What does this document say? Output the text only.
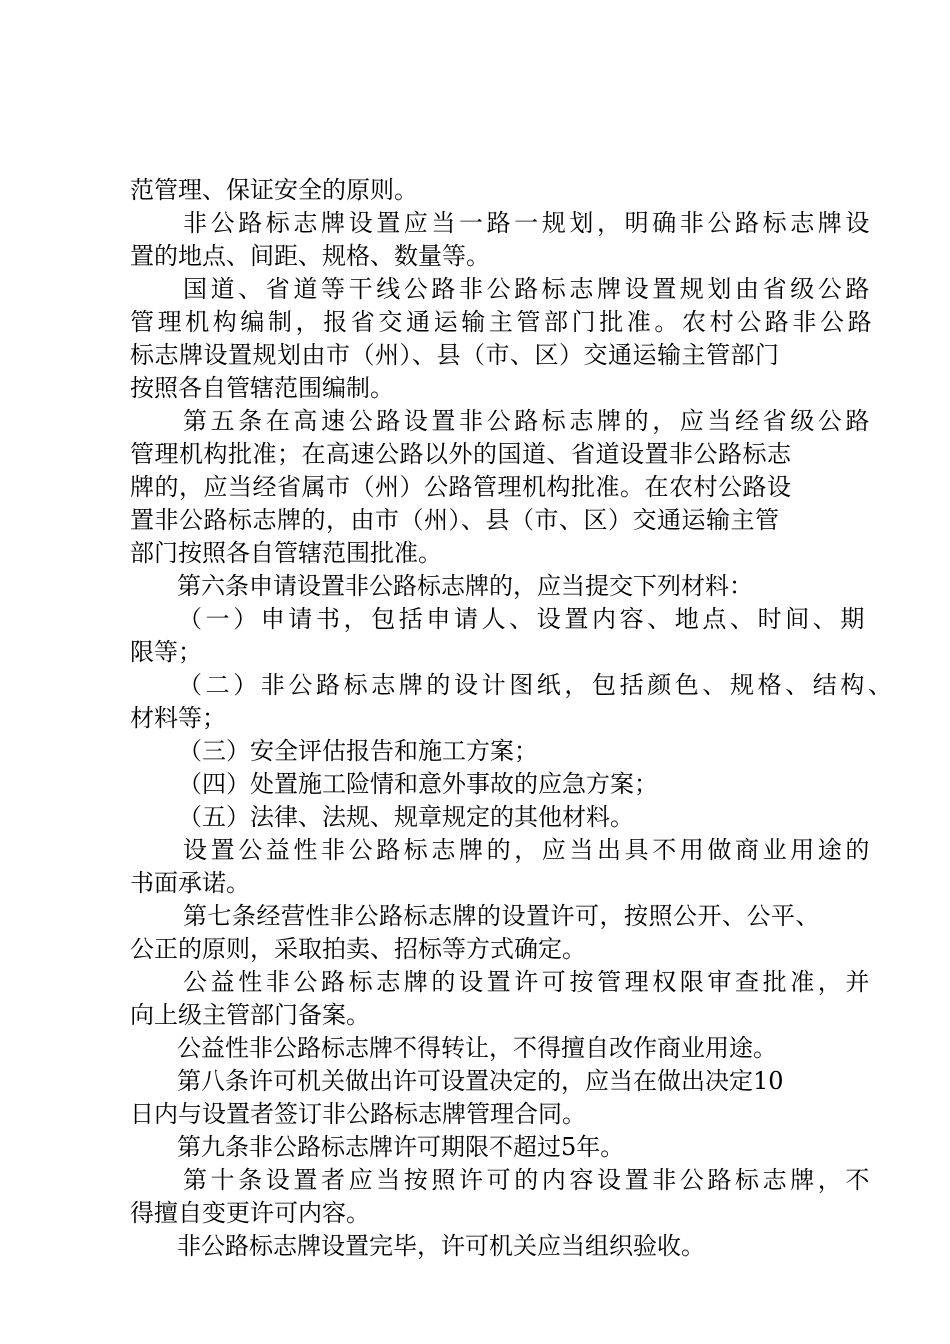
范管理、保证安全的原则。
非公路标志牌设置应当一路一规划，明确非公路标志牌设
置的地点、间距、规格、数量等。
国道、省道等干线公路非公路标志牌设置规划由省级公路
管理机构编制，报省交通运输主管部门批准。农村公路非公路
标志牌设置规划由市（州）、县（市、区）交通运输主管部门
按照各自管辖范围编制。
第五条在高速公路设置非公路标志牌的，应当经省级公路
管理机构批准；在高速公路以外的国道、省道设置非公路标志
牌的，应当经省属市（州）公路管理机构批准。在农村公路设
置非公路标志牌的，由市（州）、县（市、区）交通运输主管
部门按照各自管辖范围批准。
第六条申请设置非公路标志牌的，应当提交下列材料：
（一）申请书，包括申请人、设置内容、地点、时间、期
限等；
（二）非公路标志牌的设计图纸，包括颜色、规格、结构、
材料等；
（三）安全评估报告和施工方案；
（四）处置施工险情和意外事故的应急方案；
（五）法律、法规、规章规定的其他材料。
设置公益性非公路标志牌的，应当出具不用做商业用途的
书面承诺。
第七条经营性非公路标志牌的设置许可，按照公开、公平、
公正的原则，采取拍卖、招标等方式确定。
公益性非公路标志牌的设置许可按管理权限审查批准，并
向上级主管部门备案。
公益性非公路标志牌不得转让，不得擅自改作商业用途。
第八条许可机关做出许可设置决定的，应当在做出决定10
日内与设置者签订非公路标志牌管理合同。
第九条非公路标志牌许可期限不超过5年。
第十条设置者应当按照许可的内容设置非公路标志牌，不
得擅自变更许可内容。
非公路标志牌设置完毕，许可机关应当组织验收。
